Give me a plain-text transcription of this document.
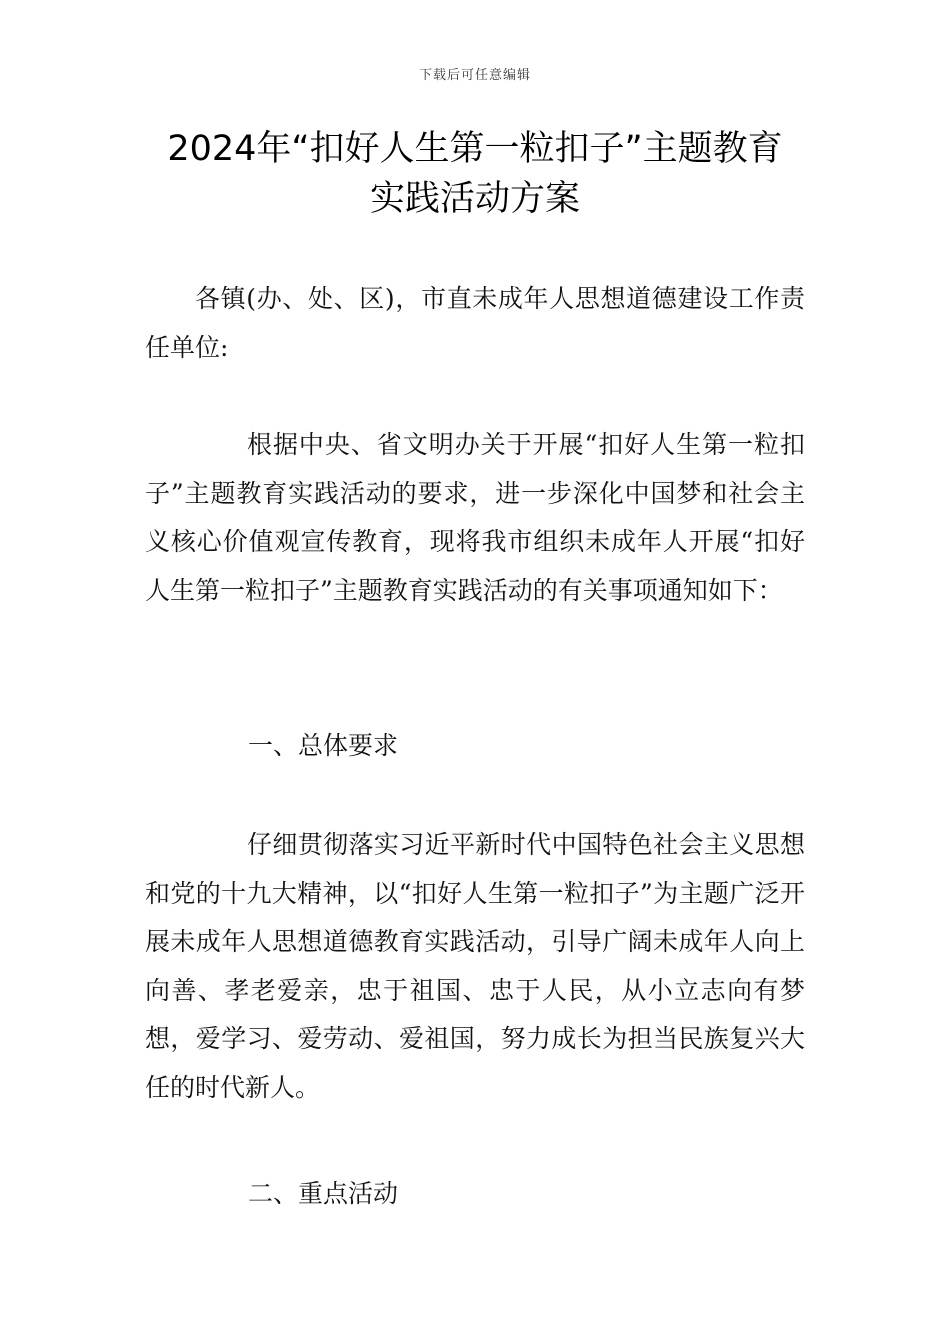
下载后可任意编辑
2024年“扣好人生第一粒扣子”主题教育
实践活动方案
各镇(办、处、区)，市直未成年人思想道德建设工作责任单位:
根据中央、省文明办关于开展“扣好人生第一粒扣子”主题教育实践活动的要求，进一步深化中国梦和社会主义核心价值观宣传教育，现将我市组织未成年人开展“扣好人生第一粒扣子”主题教育实践活动的有关事项通知如下：
一、总体要求
仔细贯彻落实习近平新时代中国特色社会主义思想和党的十九大精神，以“扣好人生第一粒扣子”为主题广泛开展未成年人思想道德教育实践活动，引导广阔未成年人向上向善、孝老爱亲，忠于祖国、忠于人民，从小立志向有梦想，爱学习、爱劳动、爱祖国，努力成长为担当民族复兴大任的时代新人。
二、重点活动
